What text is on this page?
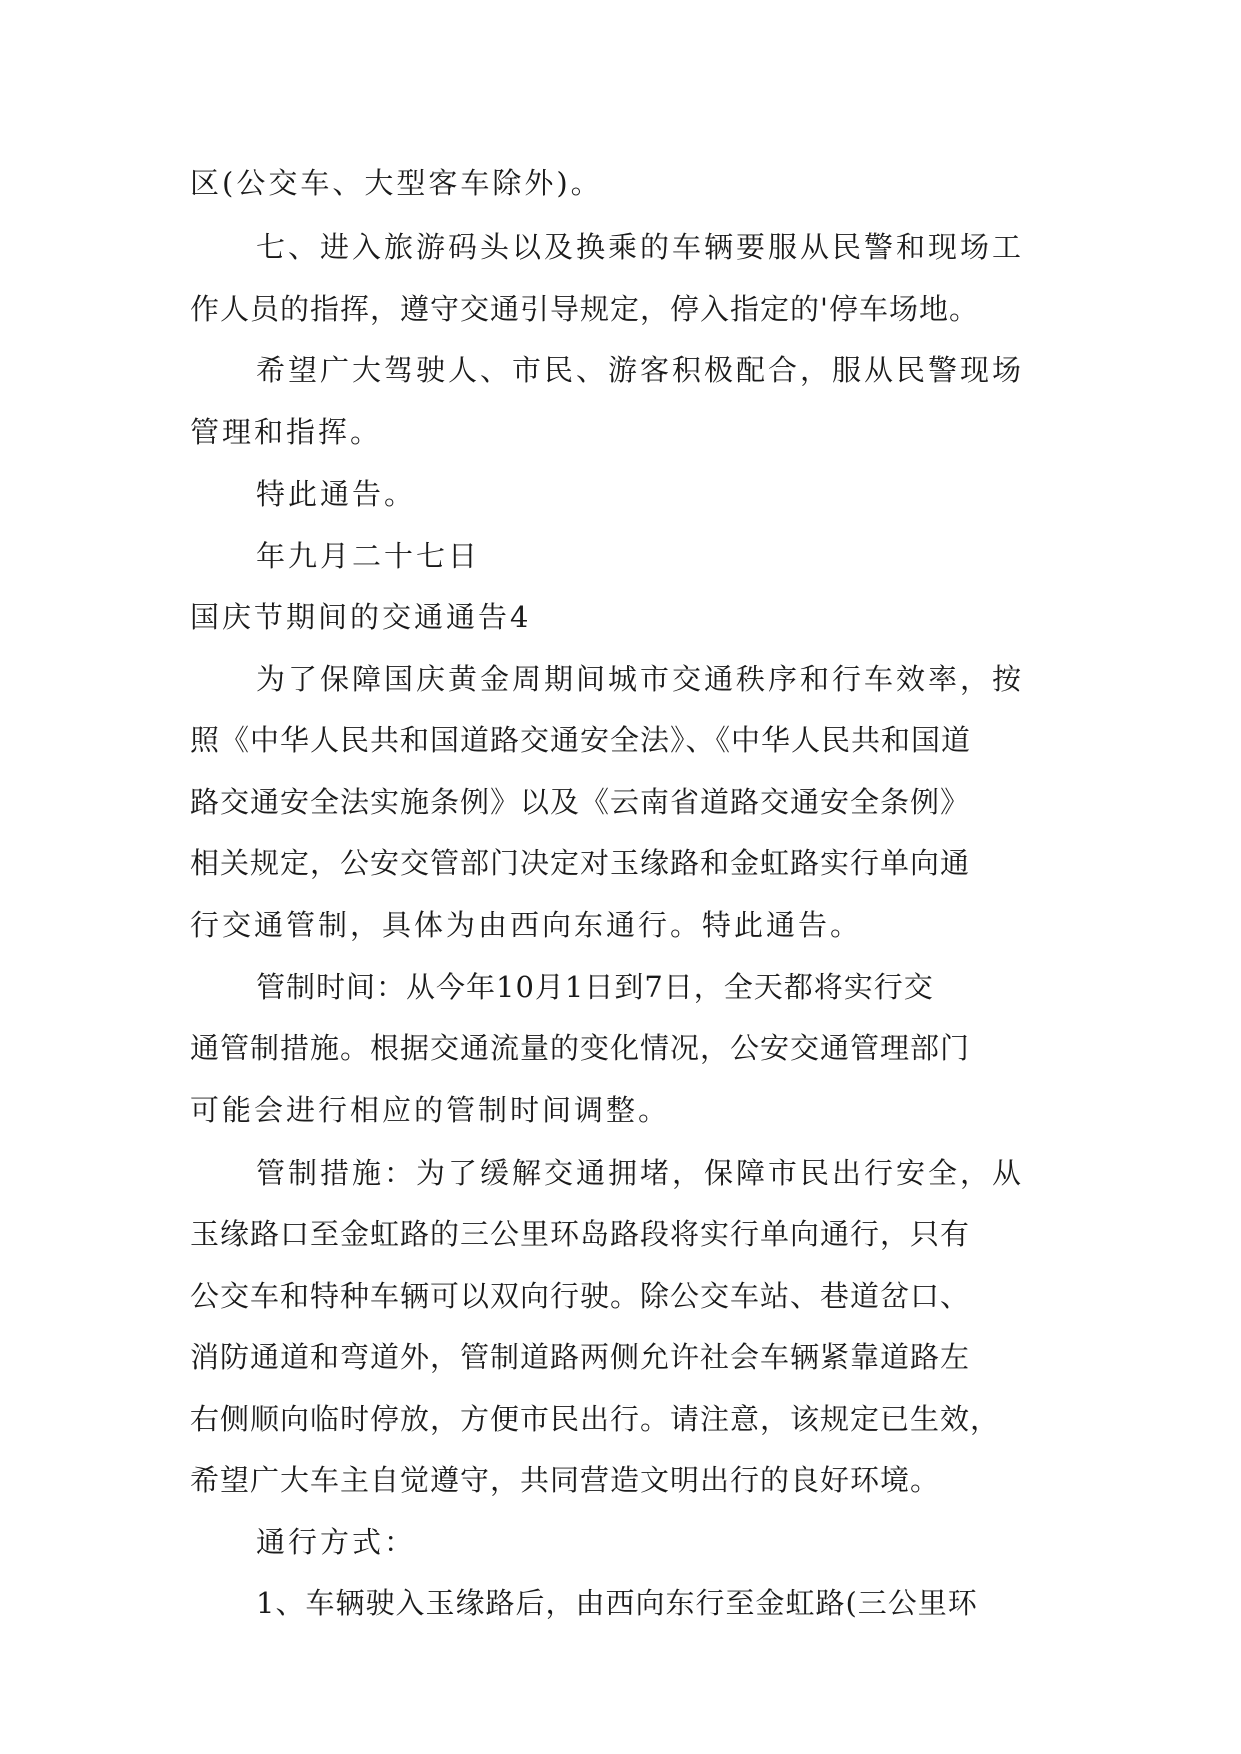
区(公交车、大型客车除外)。
七、进入旅游码头以及换乘的车辆要服从民警和现场工
作人员的指挥，遵守交通引导规定，停入指定的'停车场地。
希望广大驾驶人、市民、游客积极配合，服从民警现场
管理和指挥。
特此通告。
年九月二十七日
国庆节期间的交通通告4
为了保障国庆黄金周期间城市交通秩序和行车效率，按
照《中华人民共和国道路交通安全法》、《中华人民共和国道
路交通安全法实施条例》以及《云南省道路交通安全条例》
相关规定，公安交管部门决定对玉缘路和金虹路实行单向通
行交通管制，具体为由西向东通行。特此通告。
管制时间：从今年10月1日到7日，全天都将实行交
通管制措施。根据交通流量的变化情况，公安交通管理部门
可能会进行相应的管制时间调整。
管制措施：为了缓解交通拥堵，保障市民出行安全，从
玉缘路口至金虹路的三公里环岛路段将实行单向通行，只有
公交车和特种车辆可以双向行驶。除公交车站、巷道岔口、
消防通道和弯道外，管制道路两侧允许社会车辆紧靠道路左
右侧顺向临时停放，方便市民出行。请注意，该规定已生效，
希望广大车主自觉遵守，共同营造文明出行的良好环境。
通行方式：
1、车辆驶入玉缘路后，由西向东行至金虹路(三公里环
